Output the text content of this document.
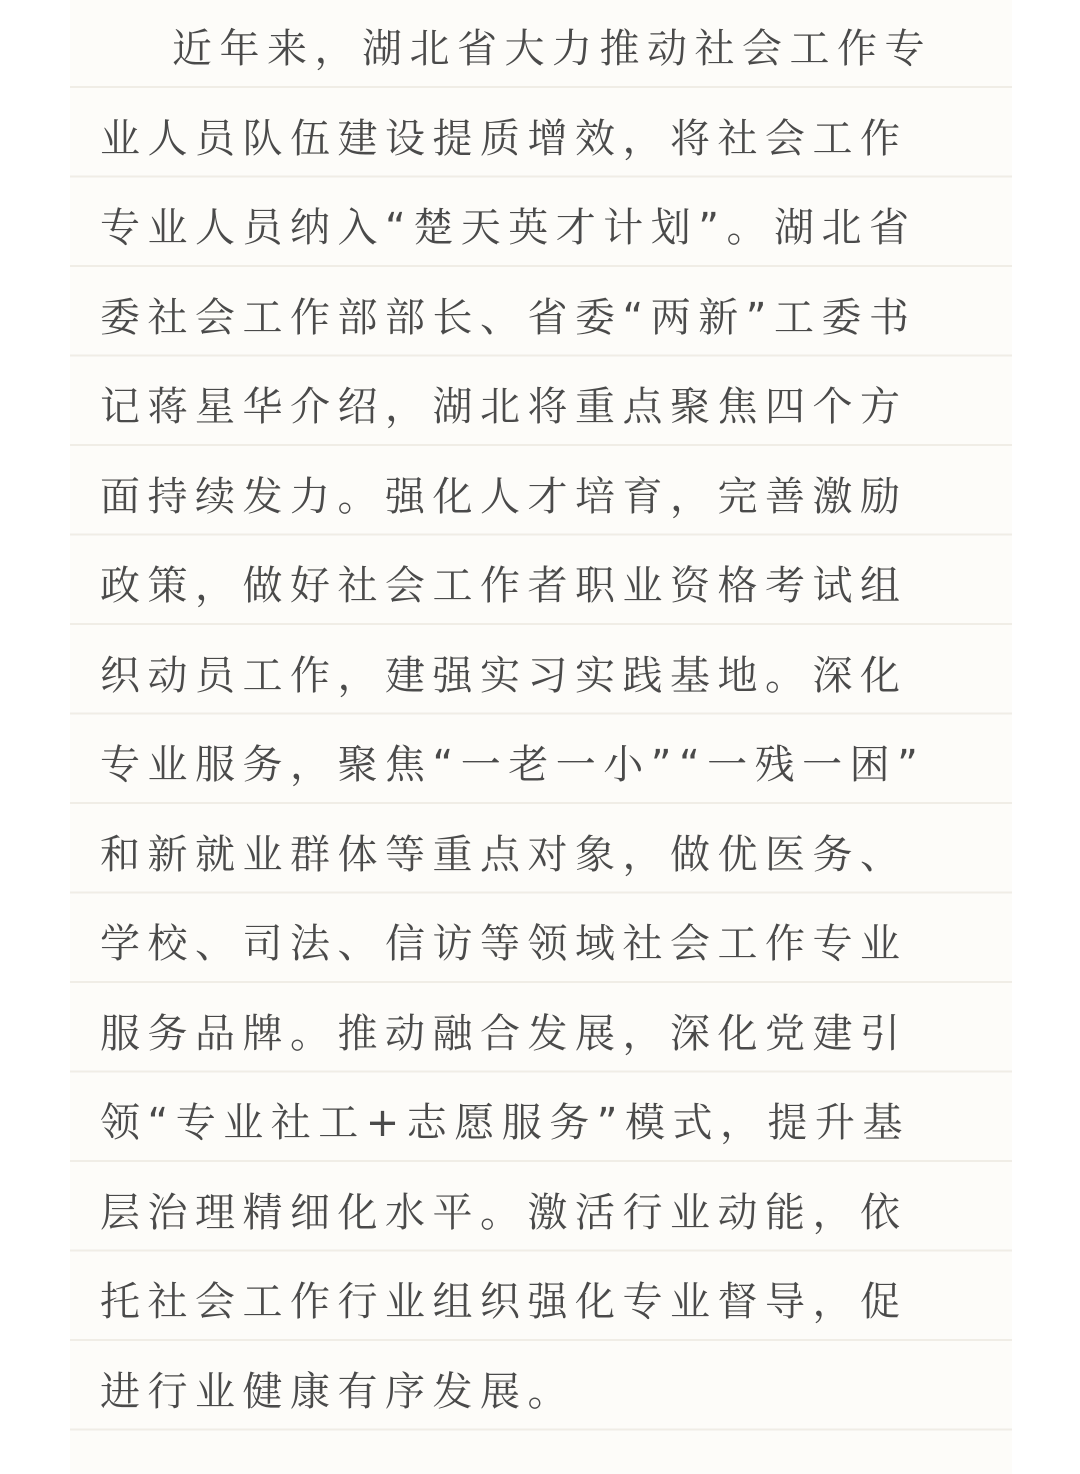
近年来，湖北省大力推动社会工作专
业人员队伍建设提质增效，将社会工作
专业人员纳入“楚天英才计划”。湖北省
委社会工作部部长、省委“两新”工委书
记蒋星华介绍，湖北将重点聚焦四个方
面持续发力。强化人才培育，完善激励
政策，做好社会工作者职业资格考试组
织动员工作，建强实习实践基地。深化
专业服务，聚焦“一老一小”“一残一困”
和新就业群体等重点对象，做优医务、
学校、司法、信访等领域社会工作专业
服务品牌。推动融合发展，深化党建引
领“专业社工+志愿服务”模式，提升基
层治理精细化水平。激活行业动能，依
托社会工作行业组织强化专业督导，促
进行业健康有序发展。
